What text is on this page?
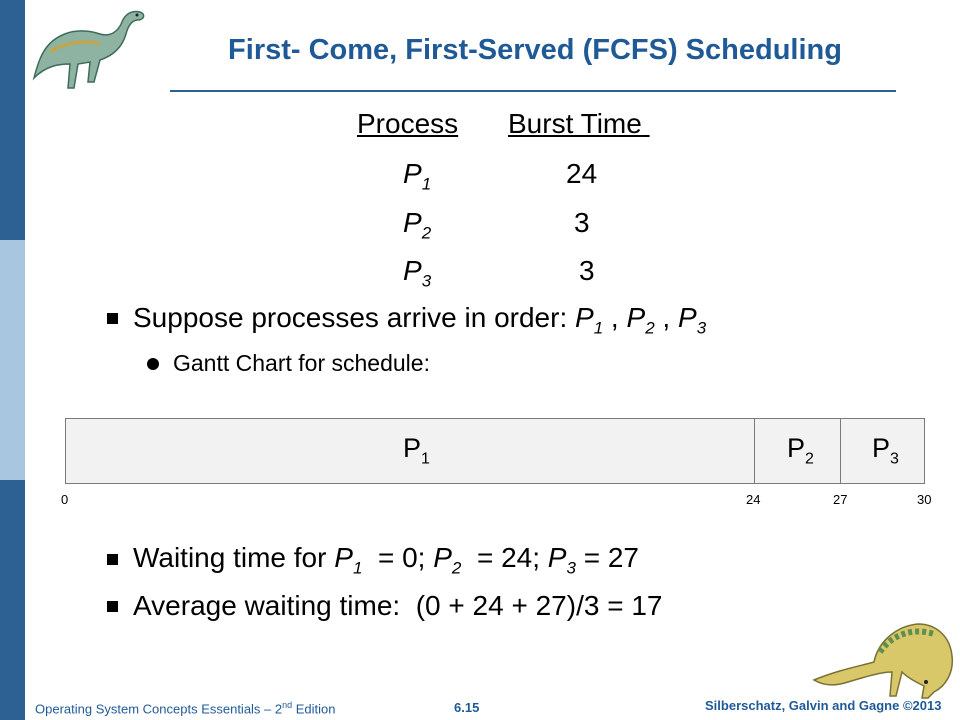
First- Come, First-Served (FCFS) Scheduling
Process Burst Time
$P_1$	24
$P_2$	3
$P_3$	3
Suppose processes arrive in order: $P_1$ , $P_2$ , $P_3$
Gantt Chart for schedule:
$P_1$	$P_2$ $P_3$
0	24	27	30
Waiting time for $P_1 = 0$; $P_2 = 24$; $P_3 = 27$
Average waiting time:  (0 + 24 + 27)/3 = 17
Operating System Concepts Essentials – 2nd Edition	6.15	Silberschatz, Galvin and Gagne ©2013
